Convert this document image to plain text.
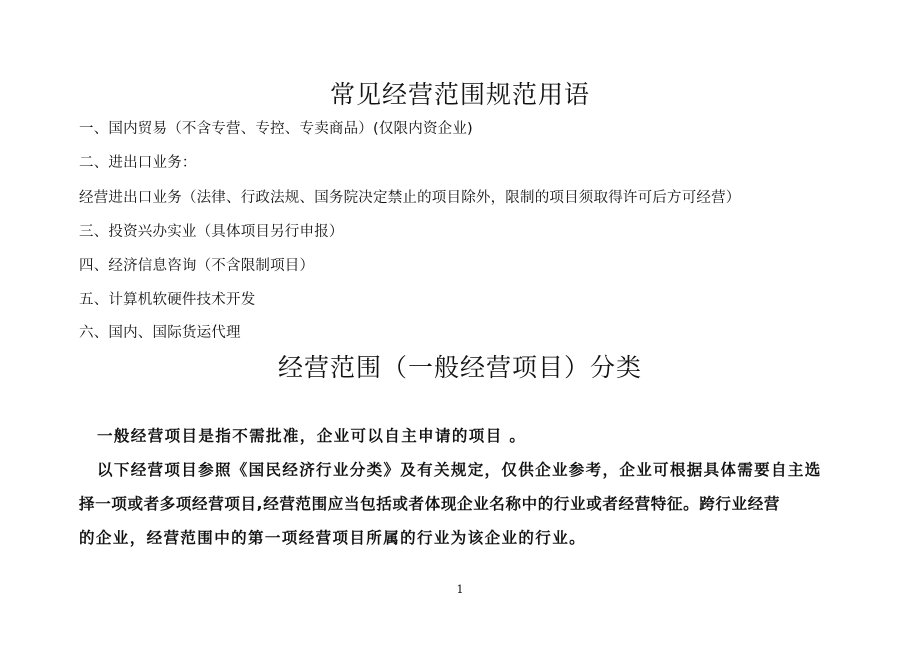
常见经营范围规范用语
一、国内贸易（不含专营、专控、专卖商品）(仅限内资企业)
二、进出口业务：
经营进出口业务（法律、行政法规、国务院决定禁止的项目除外，限制的项目须取得许可后方可经营）
三、投资兴办实业（具体项目另行申报）
四、经济信息咨询（不含限制项目）
五、计算机软硬件技术开发
六、国内、国际货运代理
经营范围（一般经营项目）分类
一般经营项目是指不需批准，企业可以自主申请的项目 。
以下经营项目参照《国民经济行业分类》及有关规定，仅供企业参考，企业可根据具体需要自主选
择一项或者多项经营项目,经营范围应当包括或者体现企业名称中的行业或者经营特征。跨行业经营
的企业，经营范围中的第一项经营项目所属的行业为该企业的行业。
1
